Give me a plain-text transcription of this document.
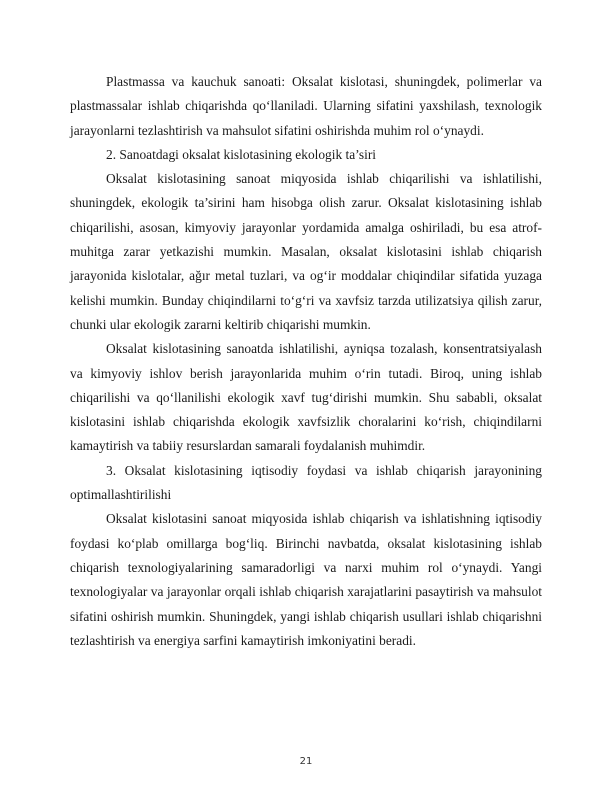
Plastmassa va kauchuk sanoati: Oksalat kislotasi, shuningdek, polimerlar va plastmassalar ishlab chiqarishda qo‘llaniladi. Ularning sifatini yaxshilash, texnologik jarayonlarni tezlashtirish va mahsulot sifatini oshirishda muhim rol o‘ynaydi.

2. Sanoatdagi oksalat kislotasining ekologik ta’siri

Oksalat kislotasining sanoat miqyosida ishlab chiqarilishi va ishlatilishi, shuningdek, ekologik ta’sirini ham hisobga olish zarur. Oksalat kislotasining ishlab chiqarilishi, asosan, kimyoviy jarayonlar yordamida amalga oshiriladi, bu esa atrof-muhitga zarar yetkazishi mumkin. Masalan, oksalat kislotasini ishlab chiqarish jarayonida kislotalar, ağır metal tuzlari, va og‘ir moddalar chiqindilar sifatida yuzaga kelishi mumkin. Bunday chiqindilarni to‘g‘ri va xavfsiz tarzda utilizatsiya qilish zarur, chunki ular ekologik zararni keltirib chiqarishi mumkin.

Oksalat kislotasining sanoatda ishlatilishi, ayniqsa tozalash, konsentratsiyalash va kimyoviy ishlov berish jarayonlarida muhim o‘rin tutadi. Biroq, uning ishlab chiqarilishi va qo‘llanilishi ekologik xavf tug‘dirishi mumkin. Shu sababli, oksalat kislotasini ishlab chiqarishda ekologik xavfsizlik choralarini ko‘rish, chiqindilarni kamaytirish va tabiiy resurslardan samarali foydalanish muhimdir.

3. Oksalat kislotasining iqtisodiy foydasi va ishlab chiqarish jarayonining optimallashtirilishi

Oksalat kislotasini sanoat miqyosida ishlab chiqarish va ishlatishning iqtisodiy foydasi ko‘plab omillarga bog‘liq. Birinchi navbatda, oksalat kislotasining ishlab chiqarish texnologiyalarining samaradorligi va narxi muhim rol o‘ynaydi. Yangi texnologiyalar va jarayonlar orqali ishlab chiqarish xarajatlarini pasaytirish va mahsulot sifatini oshirish mumkin. Shuningdek, yangi ishlab chiqarish usullari ishlab chiqarishni tezlashtirish va energiya sarfini kamaytirish imkoniyatini beradi.

21
